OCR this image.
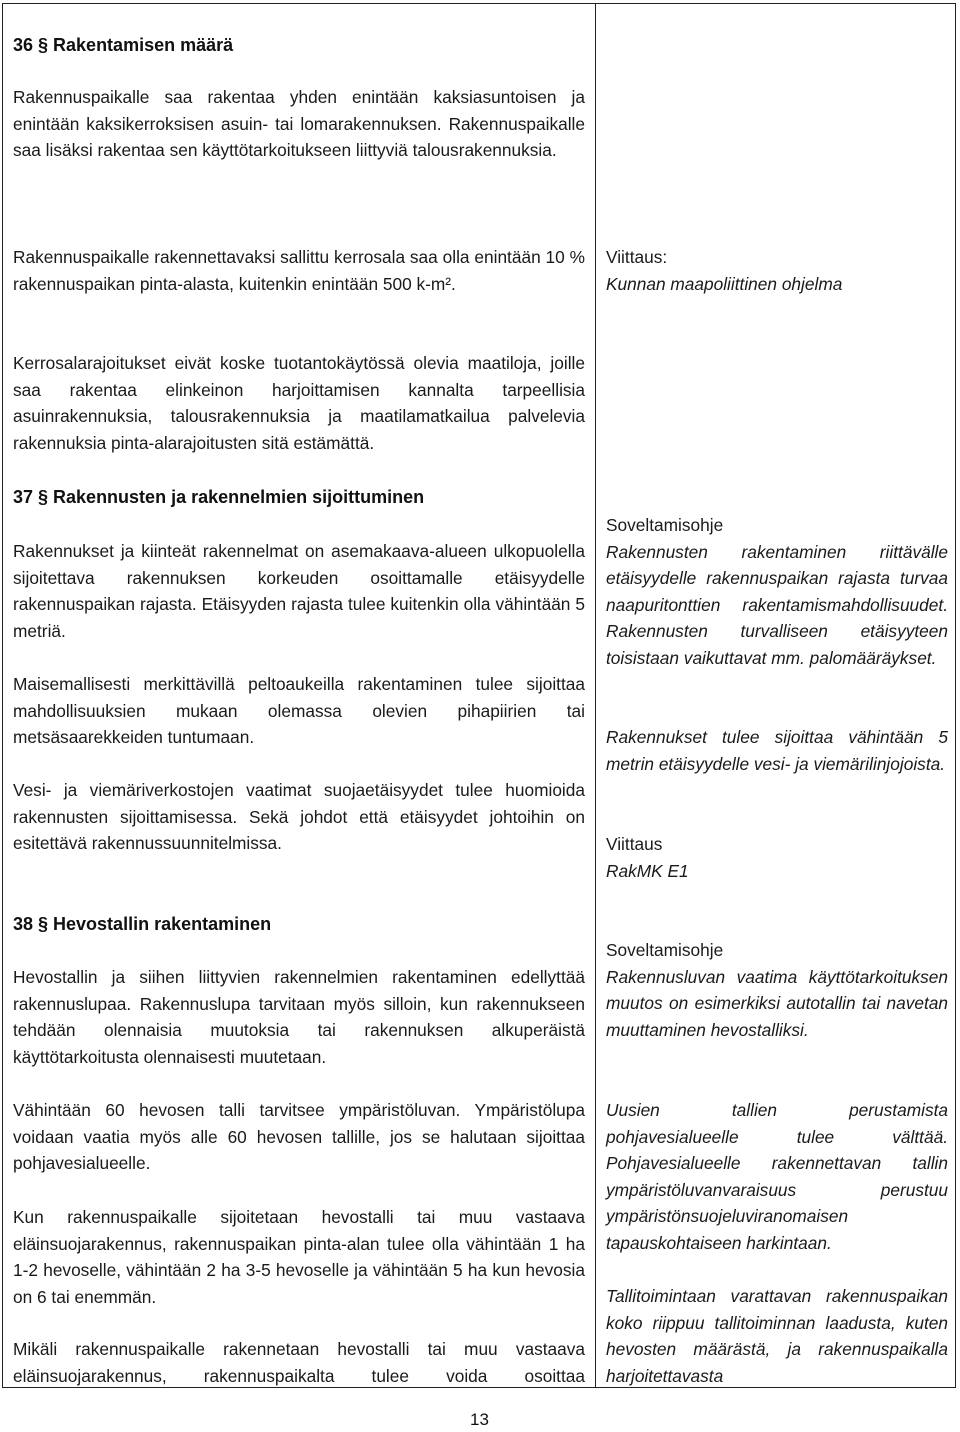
36 § Rakentamisen määrä

Rakennuspaikalle saa rakentaa yhden enintään kaksiasuntoisen ja enintään kaksikerroksisen asuin- tai lomarakennuksen. Rakennuspaikalle saa lisäksi rakentaa sen käyttötarkoitukseen liittyviä talousrakennuksia.

Rakennuspaikalle rakennettavaksi sallittu kerrosala saa olla enintään 10 % rakennuspaikan pinta-alasta, kuitenkin enintään 500 k-m².

Kerrosalarajoitukset eivät koske tuotantokäytössä olevia maatiloja, joille saa rakentaa elinkeinon harjoittamisen kannalta tarpeellisia asuinrakennuksia, talousrakennuksia ja maatilamatkailua palvelevia rakennuksia pinta-alarajoitusten sitä estämättä.

37 § Rakennusten ja rakennelmien sijoittuminen

Rakennukset ja kiinteät rakennelmat on asemakaava-alueen ulkopuolella sijoitettava rakennuksen korkeuden osoittamalle etäisyydelle rakennuspaikan rajasta. Etäisyyden rajasta tulee kuitenkin olla vähintään 5 metriä.

Maisemallisesti merkittävillä peltoaukeilla rakentaminen tulee sijoittaa mahdollisuuksien mukaan olemassa olevien pihapiirien tai metsäsaarekkeiden tuntumaan.

Vesi- ja viemäriverkostojen vaatimat suojaetäisyydet tulee huomioida rakennusten sijoittamisessa. Sekä johdot että etäisyydet johtoihin on esitettävä rakennussuunnitelmissa.

38 § Hevostallin rakentaminen

Hevostallin ja siihen liittyvien rakennelmien rakentaminen edellyttää rakennuslupaa. Rakennuslupa tarvitaan myös silloin, kun rakennukseen tehdään olennaisia muutoksia tai rakennuksen alkuperäistä käyttötarkoitusta olennaisesti muutetaan.

Vähintään 60 hevosen talli tarvitsee ympäristöluvan. Ympäristölupa voidaan vaatia myös alle 60 hevosen tallille, jos se halutaan sijoittaa pohjavesialueelle.

Kun rakennuspaikalle sijoitetaan hevostalli tai muu vastaava eläinsuojarakennus, rakennuspaikan pinta-alan tulee olla vähintään 1 ha 1-2 hevoselle, vähintään 2 ha 3-5 hevoselle ja vähintään 5 ha kun hevosia on 6 tai enemmän.

Mikäli rakennuspaikalle rakennetaan hevostalli tai muu vastaava eläinsuojarakennus, rakennuspaikalta tulee voida osoittaa

Viittaus:

Kunnan maapoliittinen ohjelma

Soveltamisohje

Rakennusten rakentaminen riittävälle etäisyydelle rakennuspaikan rajasta turvaa naapuritonttien rakentamismahdollisuudet. Rakennusten turvalliseen etäisyyteen toisistaan vaikuttavat mm. palomääräykset.

Rakennukset tulee sijoittaa vähintään 5 metrin etäisyydelle vesi- ja viemärilinjojoista.

Viittaus

RakMK E1

Soveltamisohje

Rakennusluvan vaatima käyttötarkoituksen muutos on esimerkiksi autotallin tai navetan muuttaminen hevostalliksi.

Uusien tallien perustamista pohjavesialueelle tulee välttää. Pohjavesialueelle rakennettavan tallin ympäristöluvanvaraisuus perustuu ympäristönsuojeluviranomaisen tapauskohtaiseen harkintaan.

Tallitoimintaan varattavan rakennuspaikan koko riippuu tallitoiminnan laadusta, kuten hevosten määrästä, ja rakennuspaikalla harjoitettavasta

13
